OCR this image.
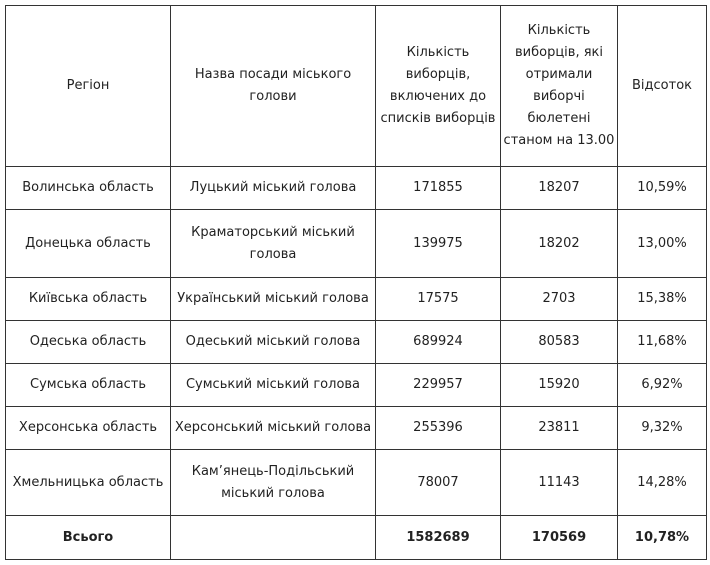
Регіон	Назва посади міського голови	Кількість виборців, включених до списків виборців	Кількість виборців, які отримали виборчі бюлетені станом на 13.00	Відсоток
Волинська область	Луцький міський голова	171855	18207	10,59%
Донецька область	Краматорський міський голова	139975	18202	13,00%
Київська область	Український міський голова	17575	2703	15,38%
Одеська область	Одеський міський голова	689924	80583	11,68%
Сумська область	Сумський міський голова	229957	15920	6,92%
Херсонська область	Херсонський міський голова	255396	23811	9,32%
Хмельницька область	Кам’янець-Подільський міський голова	78007	11143	14,28%
Всього		1582689	170569	10,78%
